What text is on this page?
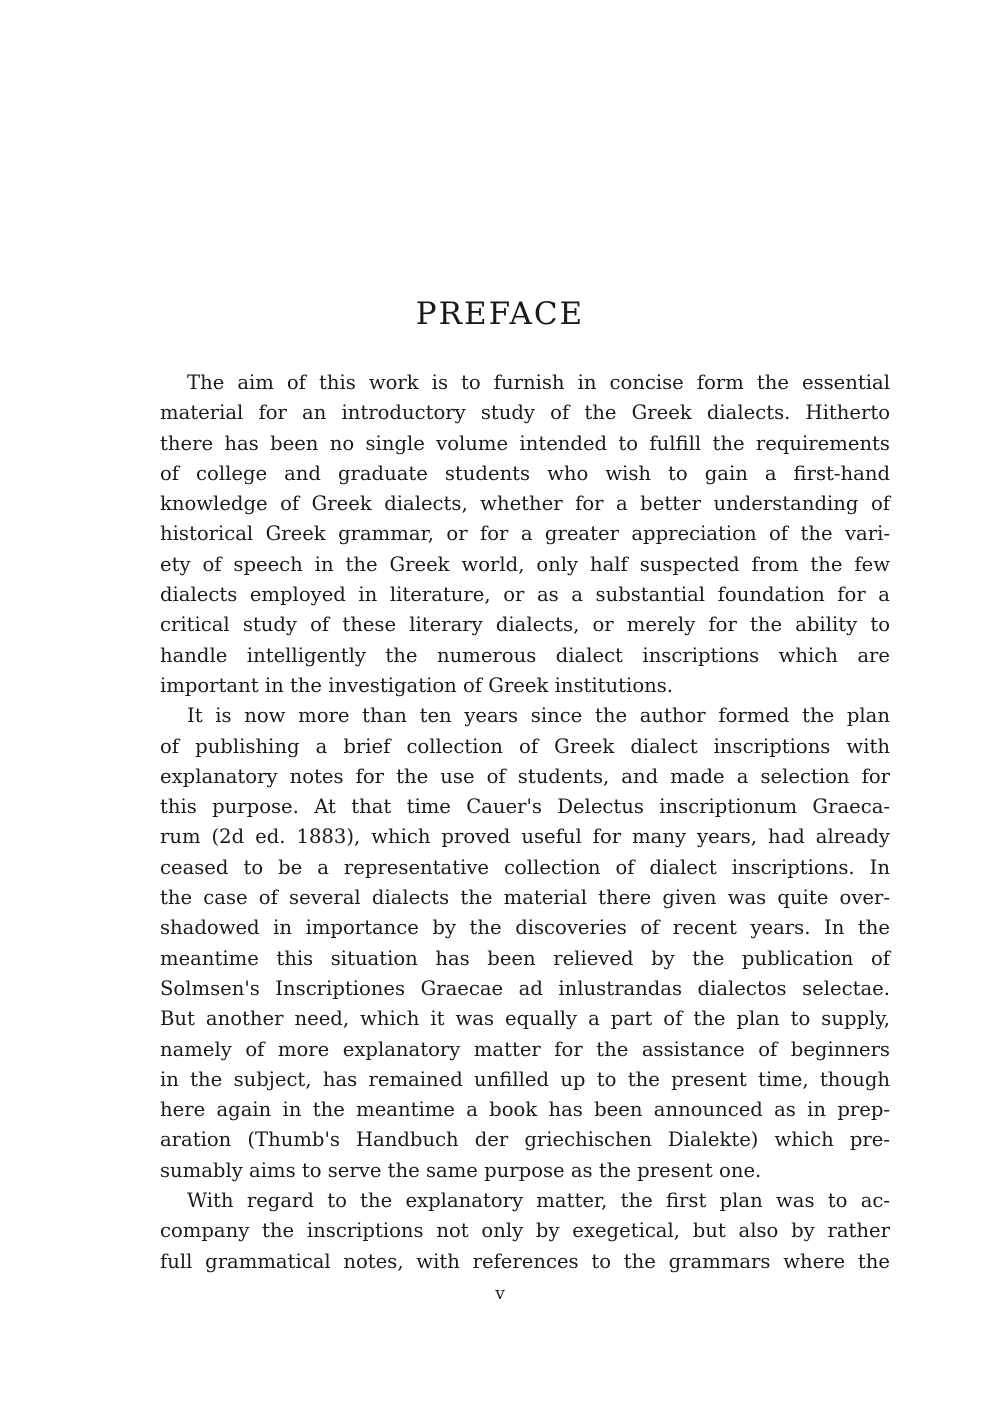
PREFACE
The aim of this work is to furnish in concise form the essential
material for an introductory study of the Greek dialects. Hitherto
there has been no single volume intended to fulfill the requirements
of college and graduate students who wish to gain a first-hand
knowledge of Greek dialects, whether for a better understanding of
historical Greek grammar, or for a greater appreciation of the vari-
ety of speech in the Greek world, only half suspected from the few
dialects employed in literature, or as a substantial foundation for a
critical study of these literary dialects, or merely for the ability to
handle intelligently the numerous dialect inscriptions which are
important in the investigation of Greek institutions.
It is now more than ten years since the author formed the plan
of publishing a brief collection of Greek dialect inscriptions with
explanatory notes for the use of students, and made a selection for
this purpose. At that time Cauer's Delectus inscriptionum Graeca-
rum (2d ed. 1883), which proved useful for many years, had already
ceased to be a representative collection of dialect inscriptions. In
the case of several dialects the material there given was quite over-
shadowed in importance by the discoveries of recent years. In the
meantime this situation has been relieved by the publication of
Solmsen's Inscriptiones Graecae ad inlustrandas dialectos selectae.
But another need, which it was equally a part of the plan to supply,
namely of more explanatory matter for the assistance of beginners
in the subject, has remained unfilled up to the present time, though
here again in the meantime a book has been announced as in prep-
aration (Thumb's Handbuch der griechischen Dialekte) which pre-
sumably aims to serve the same purpose as the present one.
With regard to the explanatory matter, the first plan was to ac-
company the inscriptions not only by exegetical, but also by rather
full grammatical notes, with references to the grammars where the
v
